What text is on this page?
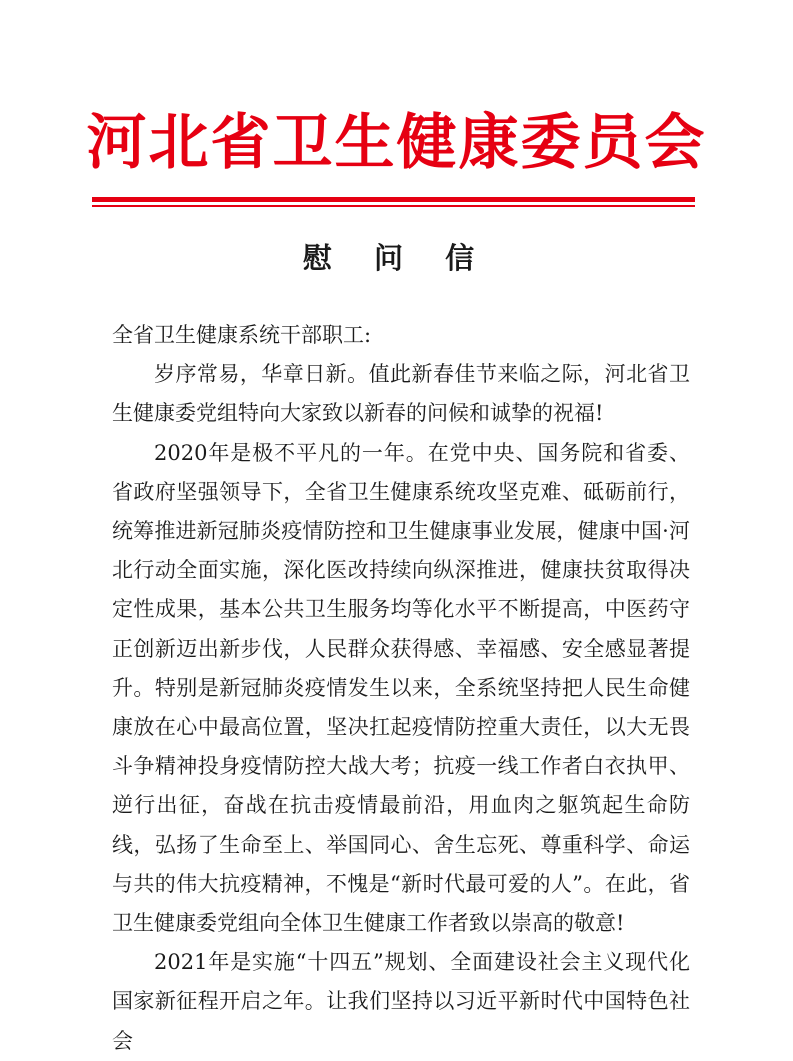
河北省卫生健康委员会
慰 问 信

全省卫生健康系统干部职工:

岁序常易，华章日新。值此新春佳节来临之际，河北省卫生健康委党组特向大家致以新春的问候和诚挚的祝福!

2020年是极不平凡的一年。在党中央、国务院和省委、省政府坚强领导下，全省卫生健康系统攻坚克难、砥砺前行，统筹推进新冠肺炎疫情防控和卫生健康事业发展，健康中国·河北行动全面实施，深化医改持续向纵深推进，健康扶贫取得决定性成果，基本公共卫生服务均等化水平不断提高，中医药守正创新迈出新步伐，人民群众获得感、幸福感、安全感显著提升。特别是新冠肺炎疫情发生以来，全系统坚持把人民生命健康放在心中最高位置，坚决扛起疫情防控重大责任，以大无畏斗争精神投身疫情防控大战大考；抗疫一线工作者白衣执甲、逆行出征，奋战在抗击疫情最前沿，用血肉之躯筑起生命防线，弘扬了生命至上、举国同心、舍生忘死、尊重科学、命运与共的伟大抗疫精神，不愧是“新时代最可爱的人”。在此，省卫生健康委党组向全体卫生健康工作者致以崇高的敬意!

2021年是实施“十四五”规划、全面建设社会主义现代化国家新征程开启之年。让我们坚持以习近平新时代中国特色社会
